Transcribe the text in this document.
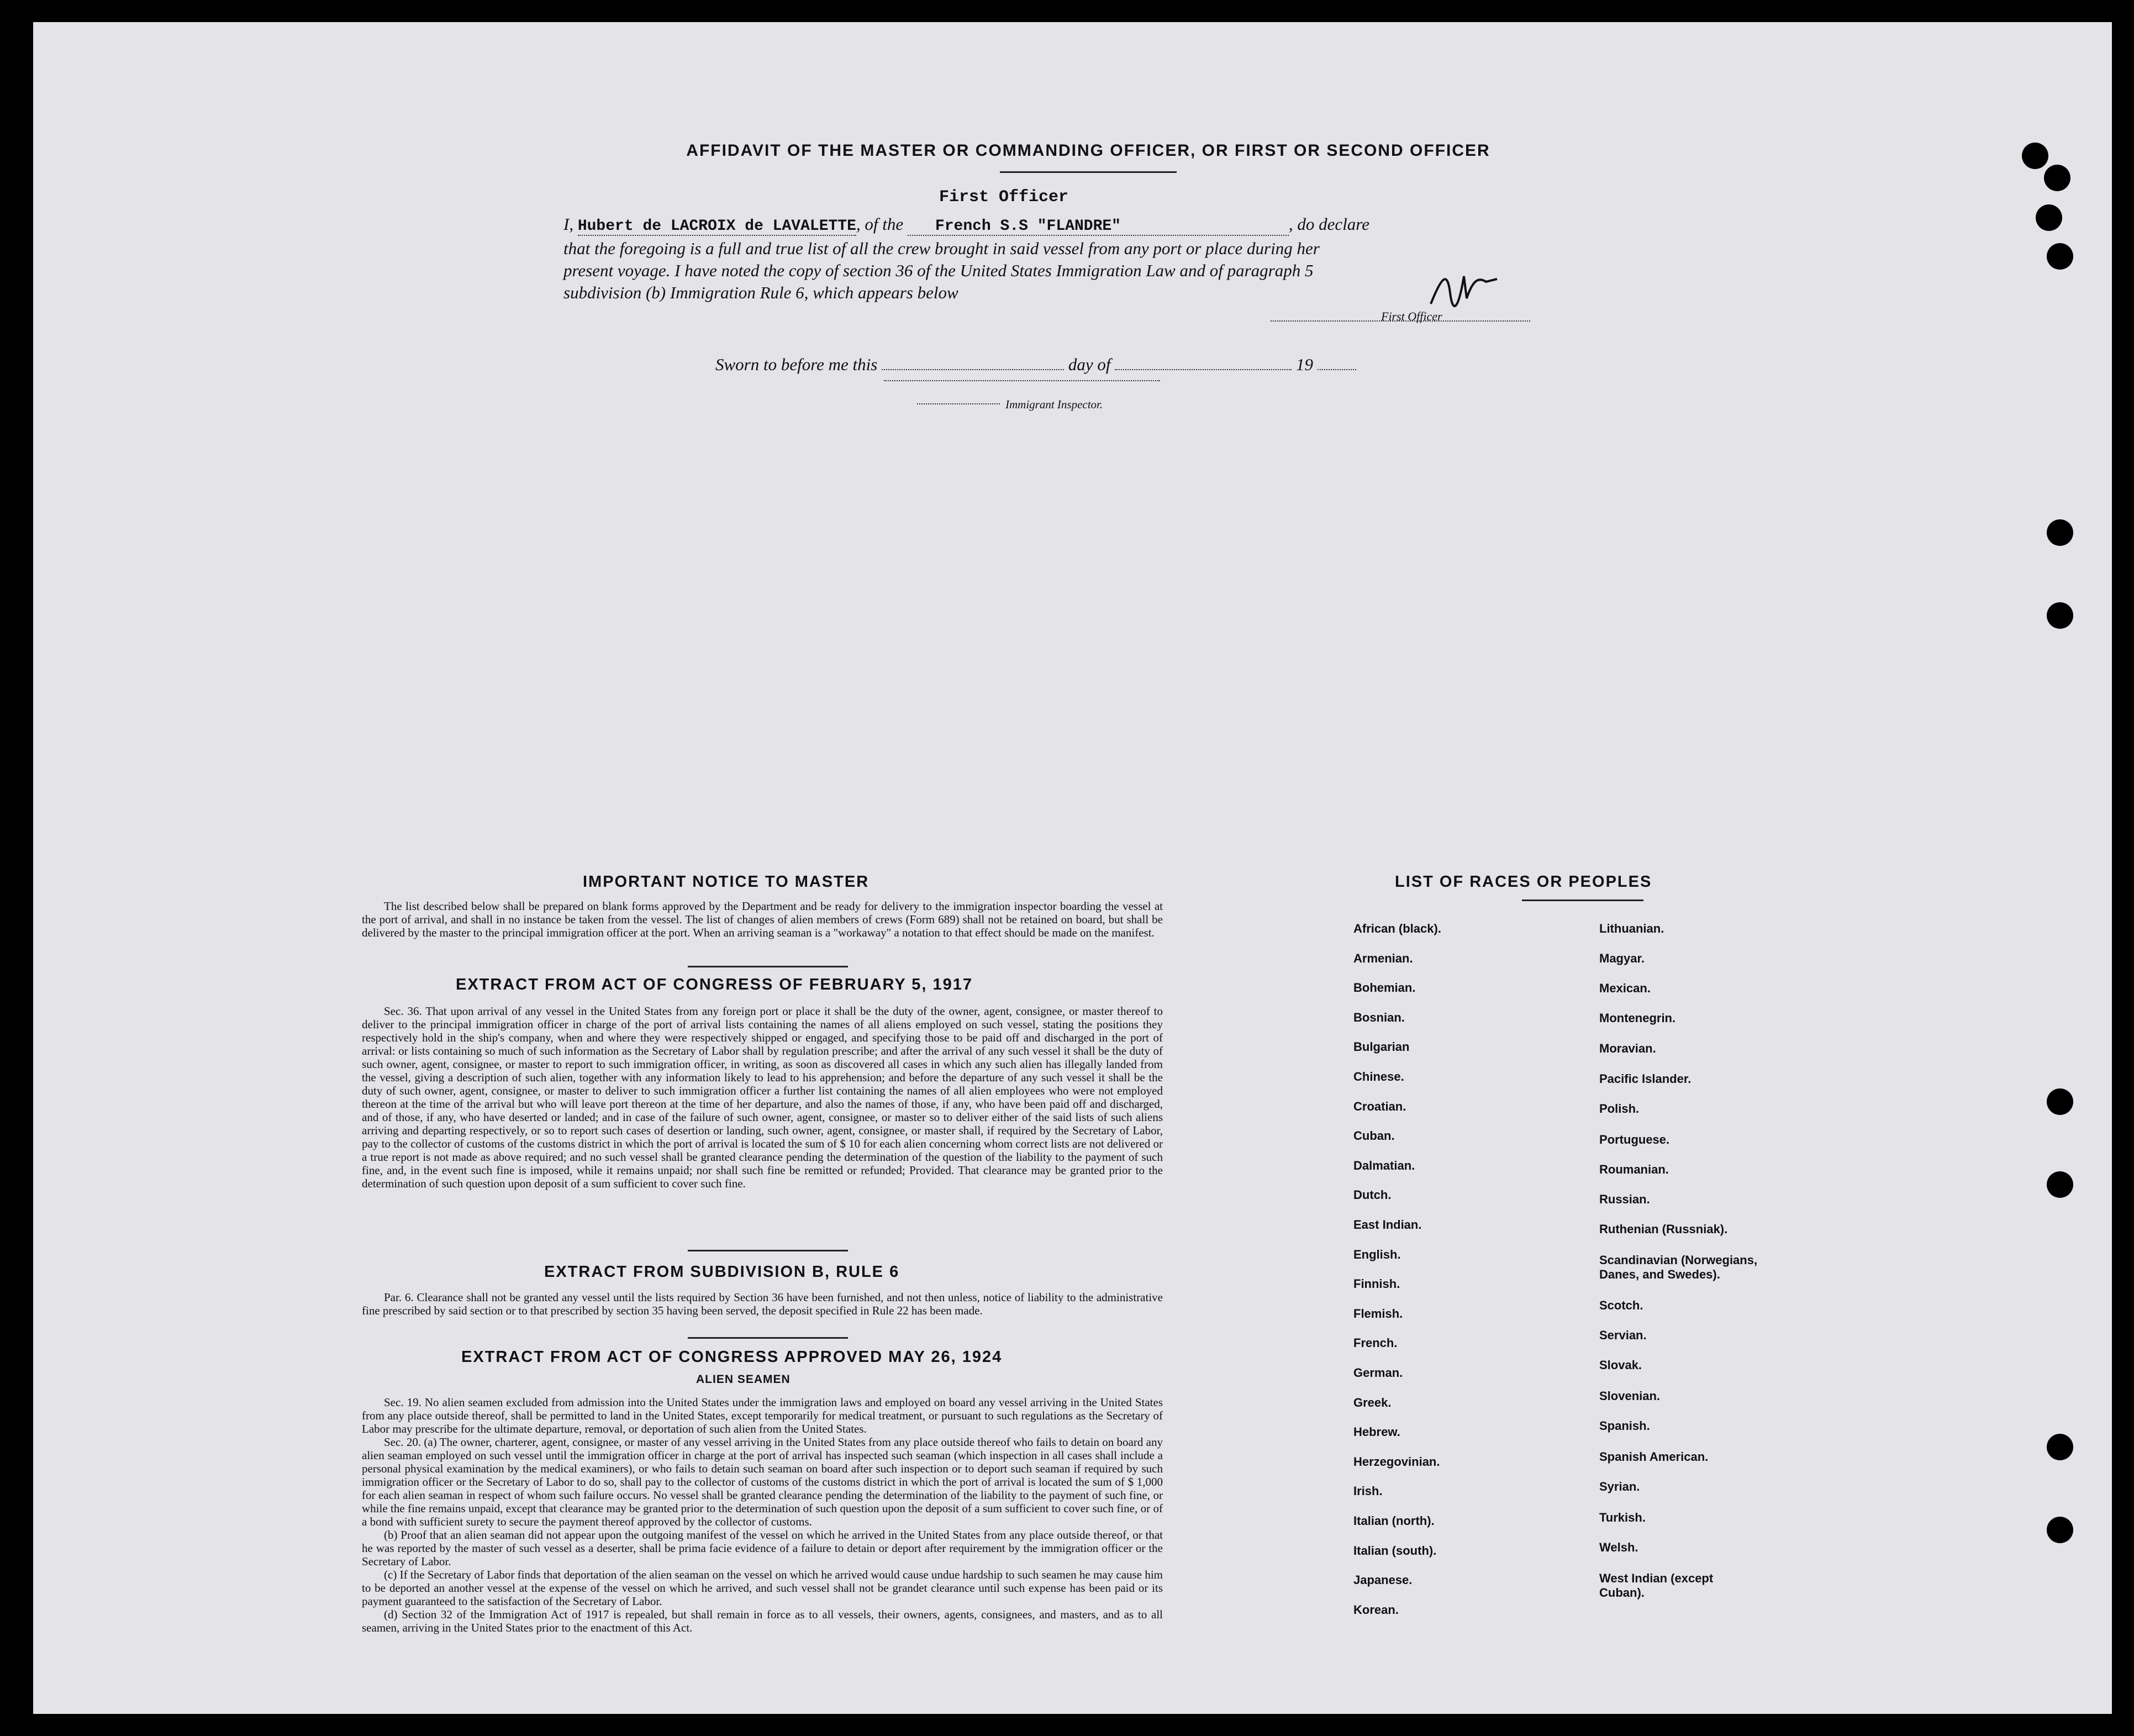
AFFIDAVIT OF THE MASTER OR COMMANDING OFFICER, OR FIRST OR SECOND OFFICER
First Officer
I, Hubert de LACROIX de LAVALETTE, of the French S.S "FLANDRE"	, do declare
that the foregoing is a full and true list of all the crew brought in said vessel from any port or place during her
present voyage. I have noted the copy of section 36 of the United States Immigration Law and of paragraph 5
subdivision (b) Immigration Rule 6, which appears below
First Officer
Sworn to before me this	day of	19
Immigrant Inspector.
IMPORTANT NOTICE TO MASTER

The list described below shall be prepared on blank forms approved by the Department and be ready for delivery to the immigration inspector boarding the vessel at the port of arrival, and shall in no instance be taken from the vessel. The list of changes of alien members of crews (Form 689) shall not be retained on board, but shall be delivered by the master to the principal immigration officer at the port. When an arriving seaman is a "workaway" a notation to that effect should be made on the manifest.

EXTRACT FROM ACT OF CONGRESS OF FEBRUARY 5, 1917

Sec. 36. That upon arrival of any vessel in the United States from any foreign port or place it shall be the duty of the owner, agent, consignee, or master thereof to deliver to the principal immigration officer in charge of the port of arrival lists containing the names of all aliens employed on such vessel, stating the positions they respectively hold in the ship's company, when and where they were respectively shipped or engaged, and specifying those to be paid off and discharged in the port of arrival: or lists containing so much of such information as the Secretary of Labor shall by regulation prescribe; and after the arrival of any such vessel it shall be the duty of such owner, agent, consignee, or master to report to such immigration officer, in writing, as soon as discovered all cases in which any such alien has illegally landed from the vessel, giving a description of such alien, together with any information likely to lead to his apprehension; and before the departure of any such vessel it shall be the duty of such owner, agent, consignee, or master to deliver to such immigration officer a further list containing the names of all alien employees who were not employed thereon at the time of the arrival but who will leave port thereon at the time of her departure, and also the names of those, if any, who have been paid off and discharged, and of those, if any, who have deserted or landed; and in case of the failure of such owner, agent, consignee, or master so to deliver either of the said lists of such aliens arriving and departing respectively, or so to report such cases of desertion or landing, such owner, agent, consignee, or master shall, if required by the Secretary of Labor, pay to the collector of customs of the customs district in which the port of arrival is located the sum of $ 10 for each alien concerning whom correct lists are not delivered or a true report is not made as above required; and no such vessel shall be granted clearance pending the determination of the question of the liability to the payment of such fine, and, in the event such fine is imposed, while it remains unpaid; nor shall such fine be remitted or refunded; Provided. That clearance may be granted prior to the determination of such question upon deposit of a sum sufficient to cover such fine.

EXTRACT FROM SUBDIVISION B, RULE 6

Par. 6. Clearance shall not be granted any vessel until the lists required by Section 36 have been furnished, and not then unless, notice of liability to the administrative fine prescribed by said section or to that prescribed by section 35 having been served, the deposit specified in Rule 22 has been made.

EXTRACT FROM ACT OF CONGRESS APPROVED MAY 26, 1924
ALIEN SEAMEN

Sec. 19. No alien seamen excluded from admission into the United States under the immigration laws and employed on board any vessel arriving in the United States from any place outside thereof, shall be permitted to land in the United States, except temporarily for medical treatment, or pursuant to such regulations as the Secretary of Labor may prescribe for the ultimate departure, removal, or deportation of such alien from the United States.

Sec. 20. (a) The owner, charterer, agent, consignee, or master of any vessel arriving in the United States from any place outside thereof who fails to detain on board any alien seaman employed on such vessel until the immigration officer in charge at the port of arrival has inspected such seaman (which inspection in all cases shall include a personal physical examination by the medical examiners), or who fails to detain such seaman on board after such inspection or to deport such seaman if required by such immigration officer or the Secretary of Labor to do so, shall pay to the collector of customs of the customs district in which the port of arrival is located the sum of $ 1,000 for each alien seaman in respect of whom such failure occurs. No vessel shall be granted clearance pending the determination of the liability to the payment of such fine, or while the fine remains unpaid, except that clearance may be granted prior to the determination of such question upon the deposit of a sum sufficient to cover such fine, or of a bond with sufficient surety to secure the payment thereof approved by the collector of customs.

(b) Proof that an alien seaman did not appear upon the outgoing manifest of the vessel on which he arrived in the United States from any place outside thereof, or that he was reported by the master of such vessel as a deserter, shall be prima facie evidence of a failure to detain or deport after requirement by the immigration officer or the Secretary of Labor.

(c) If the Secretary of Labor finds that deportation of the alien seaman on the vessel on which he arrived would cause undue hardship to such seamen he may cause him to be deported an another vessel at the expense of the vessel on which he arrived, and such vessel shall not be grandet clearance until such expense has been paid or its payment guaranteed to the satisfaction of the Secretary of Labor.

(d) Section 32 of the Immigration Act of 1917 is repealed, but shall remain in force as to all vessels, their owners, agents, consignees, and masters, and as to all seamen, arriving in the United States prior to the enactment of this Act.

LIST OF RACES OR PEOPLES
African (black).
Armenian.
Bohemian.
Bosnian.
Bulgarian
Chinese.
Croatian.
Cuban.
Dalmatian.
Dutch.
East Indian.
English.
Finnish.
Flemish.
French.
German.
Greek.
Hebrew.
Herzegovinian.
Irish.
Italian (north).
Italian (south).
Japanese.
Korean.
Lithuanian.
Magyar.
Mexican.
Montenegrin.
Moravian.
Pacific Islander.
Polish.
Portuguese.
Roumanian.
Russian.
Ruthenian (Russniak).
Scandinavian (Norwegians, Danes, and Swedes).
Scotch.
Servian.
Slovak.
Slovenian.
Spanish.
Spanish American.
Syrian.
Turkish.
Welsh.
West Indian (except Cuban).
